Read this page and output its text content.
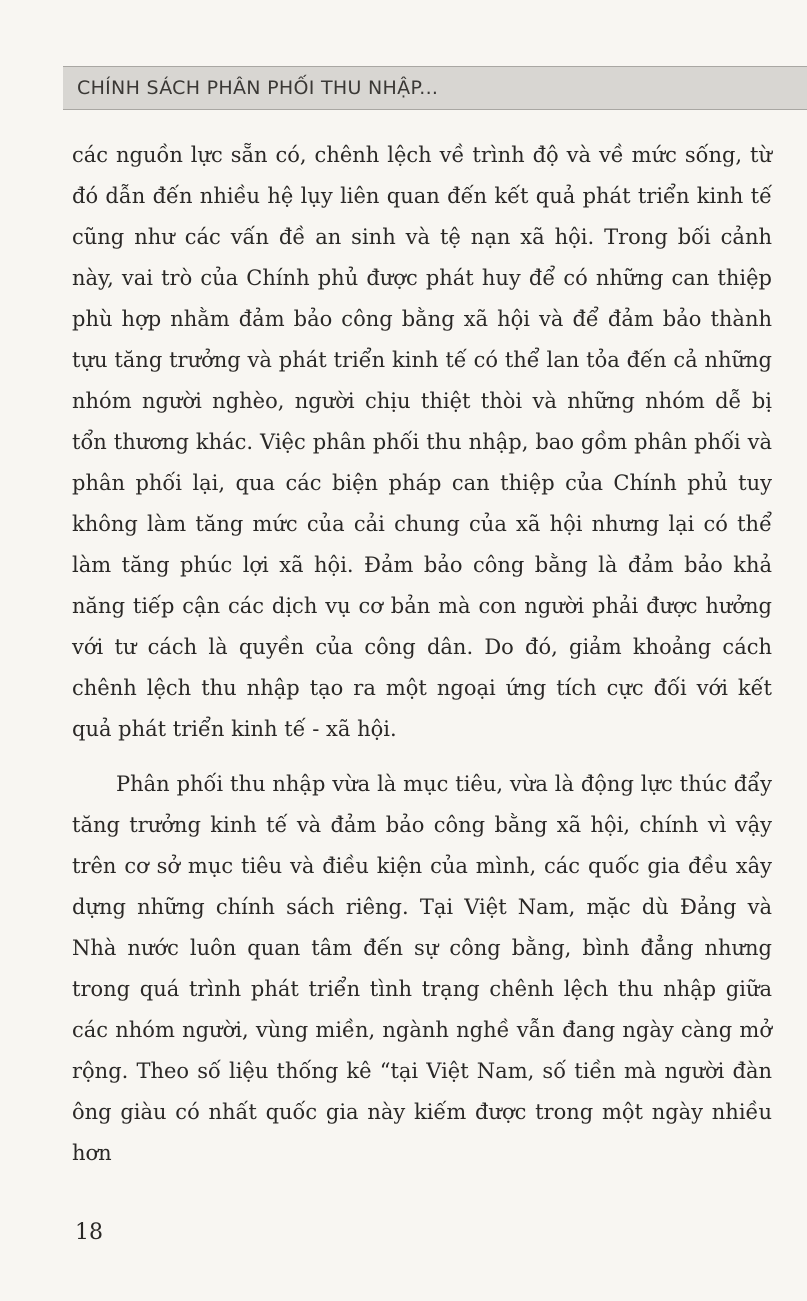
CHÍNH SÁCH PHÂN PHỐI THU NHẬP...

các nguồn lực sẵn có, chênh lệch về trình độ và về mức sống, từ đó dẫn đến nhiều hệ lụy liên quan đến kết quả phát triển kinh tế cũng như các vấn đề an sinh và tệ nạn xã hội. Trong bối cảnh này, vai trò của Chính phủ được phát huy để có những can thiệp phù hợp nhằm đảm bảo công bằng xã hội và để đảm bảo thành tựu tăng trưởng và phát triển kinh tế có thể lan tỏa đến cả những nhóm người nghèo, người chịu thiệt thòi và những nhóm dễ bị tổn thương khác. Việc phân phối thu nhập, bao gồm phân phối và phân phối lại, qua các biện pháp can thiệp của Chính phủ tuy không làm tăng mức của cải chung của xã hội nhưng lại có thể làm tăng phúc lợi xã hội. Đảm bảo công bằng là đảm bảo khả năng tiếp cận các dịch vụ cơ bản mà con người phải được hưởng với tư cách là quyền của công dân. Do đó, giảm khoảng cách chênh lệch thu nhập tạo ra một ngoại ứng tích cực đối với kết quả phát triển kinh tế - xã hội.

Phân phối thu nhập vừa là mục tiêu, vừa là động lực thúc đẩy tăng trưởng kinh tế và đảm bảo công bằng xã hội, chính vì vậy trên cơ sở mục tiêu và điều kiện của mình, các quốc gia đều xây dựng những chính sách riêng. Tại Việt Nam, mặc dù Đảng và Nhà nước luôn quan tâm đến sự công bằng, bình đẳng nhưng trong quá trình phát triển tình trạng chênh lệch thu nhập giữa các nhóm người, vùng miền, ngành nghề vẫn đang ngày càng mở rộng. Theo số liệu thống kê “tại Việt Nam, số tiền mà người đàn ông giàu có nhất quốc gia này kiếm được trong một ngày nhiều hơn

18
